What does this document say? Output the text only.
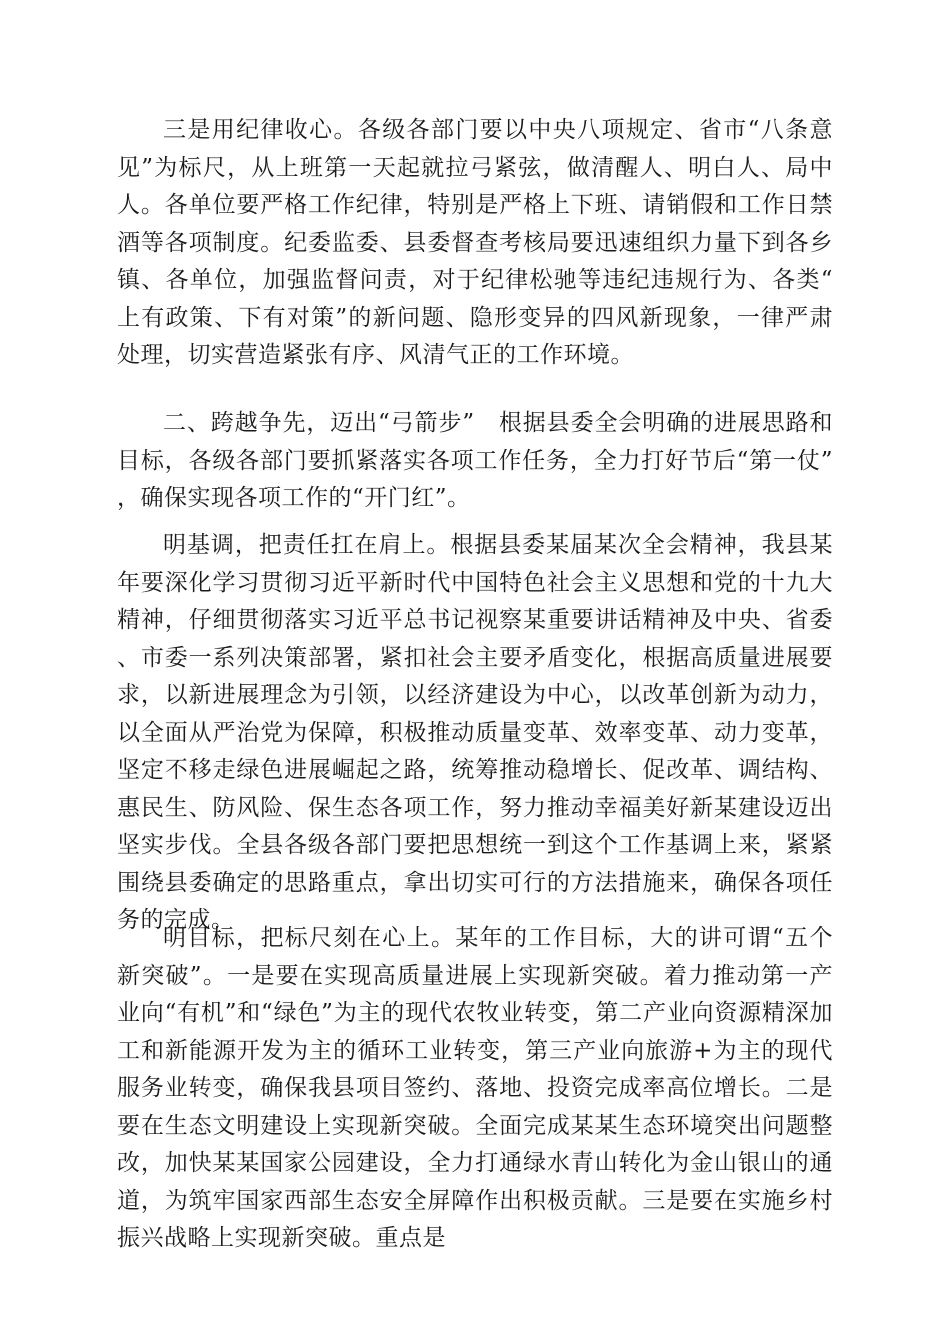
三是用纪律收心。各级各部门要以中央八项规定、省市“八条意见”为标尺，从上班第一天起就拉弓紧弦，做清醒人、明白人、局中人。各单位要严格工作纪律，特别是严格上下班、请销假和工作日禁酒等各项制度。纪委监委、县委督查考核局要迅速组织力量下到各乡镇、各单位，加强监督问责，对于纪律松驰等违纪违规行为、各类“上有政策、下有对策”的新问题、隐形变异的四风新现象，一律严肃处理，切实营造紧张有序、风清气正的工作环境。

二、跨越争先，迈出“弓箭步”　根据县委全会明确的进展思路和目标，各级各部门要抓紧落实各项工作任务，全力打好节后“第一仗”，确保实现各项工作的“开门红”。

明基调，把责任扛在肩上。根据县委某届某次全会精神，我县某年要深化学习贯彻习近平新时代中国特色社会主义思想和党的十九大精神，仔细贯彻落实习近平总书记视察某重要讲话精神及中央、省委、市委一系列决策部署，紧扣社会主要矛盾变化，根据高质量进展要求，以新进展理念为引领，以经济建设为中心，以改革创新为动力，以全面从严治党为保障，积极推动质量变革、效率变革、动力变革，坚定不移走绿色进展崛起之路，统筹推动稳增长、促改革、调结构、惠民生、防风险、保生态各项工作，努力推动幸福美好新某建设迈出坚实步伐。全县各级各部门要把思想统一到这个工作基调上来，紧紧围绕县委确定的思路重点，拿出切实可行的方法措施来，确保各项任务的完成。

明目标，把标尺刻在心上。某年的工作目标，大的讲可谓“五个新突破”。一是要在实现高质量进展上实现新突破。着力推动第一产业向“有机”和“绿色”为主的现代农牧业转变，第二产业向资源精深加工和新能源开发为主的循环工业转变，第三产业向旅游+为主的现代服务业转变，确保我县项目签约、落地、投资完成率高位增长。二是要在生态文明建设上实现新突破。全面完成某某生态环境突出问题整改，加快某某国家公园建设，全力打通绿水青山转化为金山银山的通道，为筑牢国家西部生态安全屏障作出积极贡献。三是要在实施乡村振兴战略上实现新突破。重点是
